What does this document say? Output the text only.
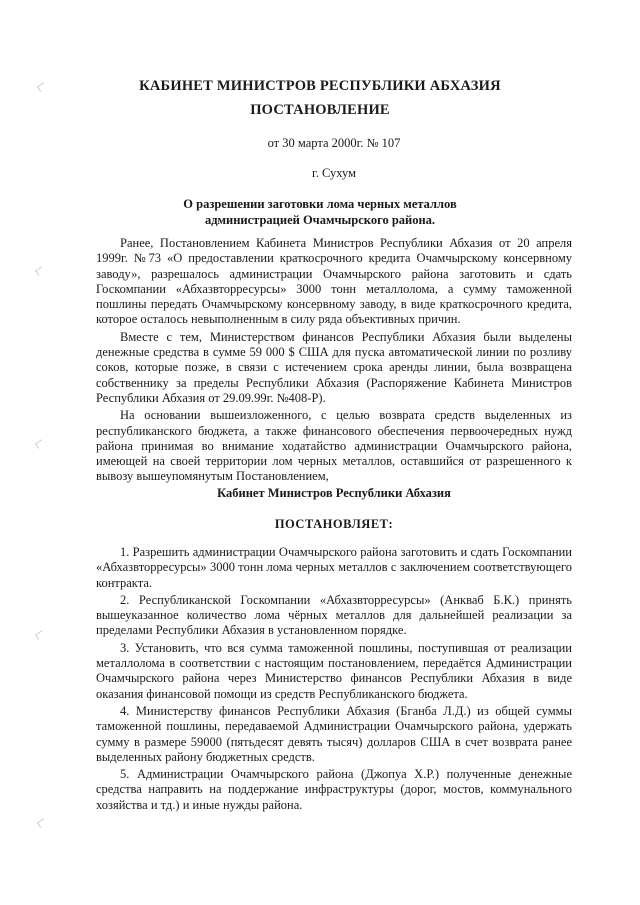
КАБИНЕТ МИНИСТРОВ РЕСПУБЛИКИ АБХАЗИЯ
ПОСТАНОВЛЕНИЕ
от 30 марта 2000г. № 107
г. Сухум
О разрешении заготовки лома черных металлов
администрацией Очамчырского района.

Ранее, Постановлением Кабинета Министров Республики Абхазия от 20 апреля 1999г. №73 «О предоставлении краткосрочного кредита Очамчырскому консервному заводу», разрешалось администрации Очамчырского района заготовить и сдать Госкомпании «Абхазвторресурсы» 3000 тонн металлолома, а сумму таможенной пошлины передать Очамчырскому консервному заводу, в виде краткосрочного кредита, которое осталось невыполненным в силу ряда объективных причин.

Вместе с тем, Министерством финансов Республики Абхазия были выделены денежные средства в сумме 59 000 $ США для пуска автоматической линии по розливу соков, которые позже, в связи с истечением срока аренды линии, была возвращена собственнику за пределы Республики Абхазия (Распоряжение Кабинета Министров Республики Абхазия от 29.09.99г. №408-Р).

На основании вышеизложенного, с целью возврата средств выделенных из республиканского бюджета, а также финансового обеспечения первоочередных нужд района принимая во внимание ходатайство администрации Очамчырского района, имеющей на своей территории лом черных металлов, оставшийся от разрешенного к вывозу вышеупомянутым Постановлением,

Кабинет Министров Республики Абхазия
ПОСТАНОВЛЯЕТ:

1. Разрешить администрации Очамчырского района заготовить и сдать Госкомпании «Абхазвторресурсы» 3000 тонн лома черных металлов с заключением соответствующего контракта.

2. Республиканской Госкомпании «Абхазвторресурсы» (Анкваб Б.К.) принять вышеуказанное количество лома чёрных металлов для дальнейшей реализации за пределами Республики Абхазия в установленном порядке.

3. Установить, что вся сумма таможенной пошлины, поступившая от реализации металлолома в соответствии с настоящим постановлением, передаётся Администрации Очамчырского района через Министерство финансов Республики Абхазия в виде оказания финансовой помощи из средств Республиканского бюджета.

4. Министерству финансов Республики Абхазия (Бганба Л.Д.) из общей суммы таможенной пошлины, передаваемой Администрации Очамчырского района, удержать сумму в размере 59000 (пятьдесят девять тысяч) долларов США в счет возврата ранее выделенных району бюджетных средств.

5. Администрации Очамчырского района (Джопуа Х.Р.) полученные денежные средства направить на поддержание инфраструктуры (дорог, мостов, коммунального хозяйства и тд.) и иные нужды района.
